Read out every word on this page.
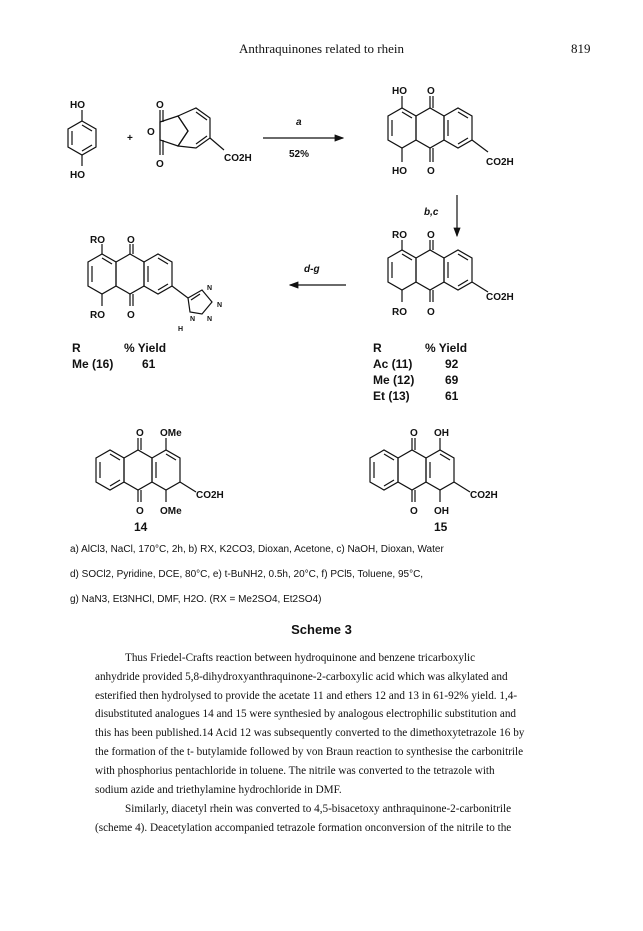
Anthraquinones related to rhein	819
HO
HO
+
O
O
O
CO2H
a
52%
HO O
HO O
CO2H
b,c
RO O
RO O
CO2H
d-g
RO O
RO O
N
N
N
N
H
R	% Yield
Me (16) 61
R	% Yield
Ac (11)	92
Me (12)	69
Et (13)	61
O OMe
O OMe
CO2H
14
O OH
O OH
CO2H
15
a) AlCl3, NaCl, 170°C, 2h, b) RX, K2CO3, Dioxan, Acetone, c) NaOH, Dioxan, Water
d) SOCl2, Pyridine, DCE, 80°C, e) t-BuNH2, 0.5h, 20°C, f) PCl5, Toluene, 95°C,
g) NaN3, Et3NHCl, DMF, H2O. (RX = Me2SO4, Et2SO4)
Scheme 3
Thus Friedel-Crafts reaction between hydroquinone and benzene tricarboxylic
anhydride provided 5,8-dihydroxyanthraquinone-2-carboxylic acid which was alkylated and
esterified then hydrolysed to provide the acetate 11 and ethers 12 and 13 in 61-92% yield. 1,4-
disubstituted analogues 14 and 15 were synthesied by analogous electrophilic substitution and
this has been published.14 Acid 12 was subsequently converted to the dimethoxytetrazole 16 by
the formation of the t- butylamide followed by von Braun reaction to synthesise the carbonitrile
with phosphorius pentachloride in toluene. The nitrile was converted to the tetrazole with
sodium azide and triethylamine hydrochloride in DMF.
Similarly, diacetyl rhein was converted to 4,5-bisacetoxy anthraquinone-2-carbonitrile
(scheme 4). Deacetylation accompanied tetrazole formation onconversion of the nitrile to the
